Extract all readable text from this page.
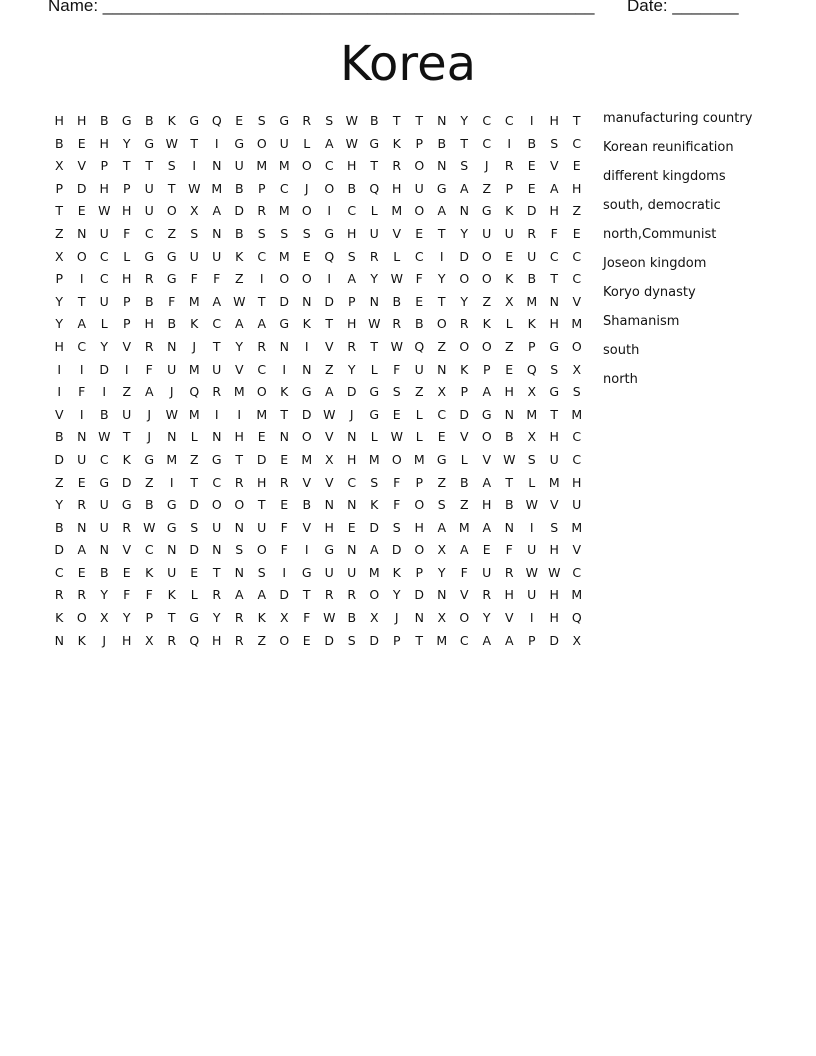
Name: ____________________________________________________ Date: _______
Korea
H	H	B	G	B	K	G	Q	E	S	G	R	S W B	T	T	N	Y	C	C	I	H	T
B	E	H	Y	G W T	I	G	O	U	L	A W G	K	P	B	T	C	I	B	S	C
X	V	P	T	T	S	I	N	U	M M O	C	H	T	R	O	N	S	J	R	E	V	E
P	D	H	P	U	T	W M	B	P	C	J	O	B	Q	H	U	G	A	Z	P	E	A	H
T	E W H	U	O	X	A	D	R	M O	I	C	L	M O	A	N	G	K	D	H	Z
Z	N	U	F	C	Z	S	N	B	S	S	S	G	H	U	V	E	T	Y	U	U	R	F	E
X	O	C	L	G	G	U	U	K	C	M	E	Q	S	R	L	C	I	D	O	E	U	C	C
P	I	C	H	R	G	F	F	Z	I	O	O	I	A	Y	W	F	Y	O	O	K	B	T	C
Y	T	U	P	B	F	M	A W T	D	N	D	P	N	B	E	T	Y	Z	X	M N	V
Y	A	L	P	H	B	K	C	A	A	G	K	T	H W R	B	O	R	K	L	K	H M
H	C	Y	V	R	N	J	T	Y	R	N	I	V	R	T	W Q	Z	O	O	Z	P	G	O
I	I	D	I	F	U	M	U	V	C	I	N	Z	Y	L	F	U	N	K	P	E	Q	S	X
I	F	I	Z	A	J	Q	R	M O	K	G	A	D	G	S	Z	X	P	A	H	X	G	S
V	I	B	U	J	W M	I	I	M	T	D W	J	G	E	L	C	D	G	N M	T	M
B	N W T	J	N	L	N	H	E	N	O	V	N	L	W	L	E	V	O	B	X	H	C
D	U	C	K	G M	Z	G	T	D	E	M	X	H M O M G	L	V W S	U	C
Z	E	G	D	Z	I	T	C	R	H	R	V	V	C	S	F	P	Z	B	A	T	L	M H
Y	R	U	G	B	G	D	O	O	T	E	B	N	N	K	F	O	S	Z	H	B W V	U
B	N	U	R W G	S	U	N	U	F	V	H	E	D	S	H	A	M	A	N	I	S	M
D	A	N	V	C	N	D	N	S	O	F	I	G	N	A	D	O	X	A	E	F	U	H	V
C	E	B	E	K	U	E	T	N	S	I	G	U	U	M	K	P	Y	F	U	R W W C
R	R	Y	F	F	K	L	R	A	A	D	T	R	R	O	Y	D	N	V	R	H	U	H M
K	O	X	Y	P	T	G	Y	R	K	X	F	W B	X	J	N	X	O	Y	V	I	H	Q
N	K	J	H	X	R	Q	H	R	Z	O	E	D	S	D	P	T	M	C	A	A	P	D	X
manufacturing country
Korean reunification
different kingdoms
south, democratic
north,Communist
Joseon kingdom
Koryo dynasty
Shamanism
south
north
